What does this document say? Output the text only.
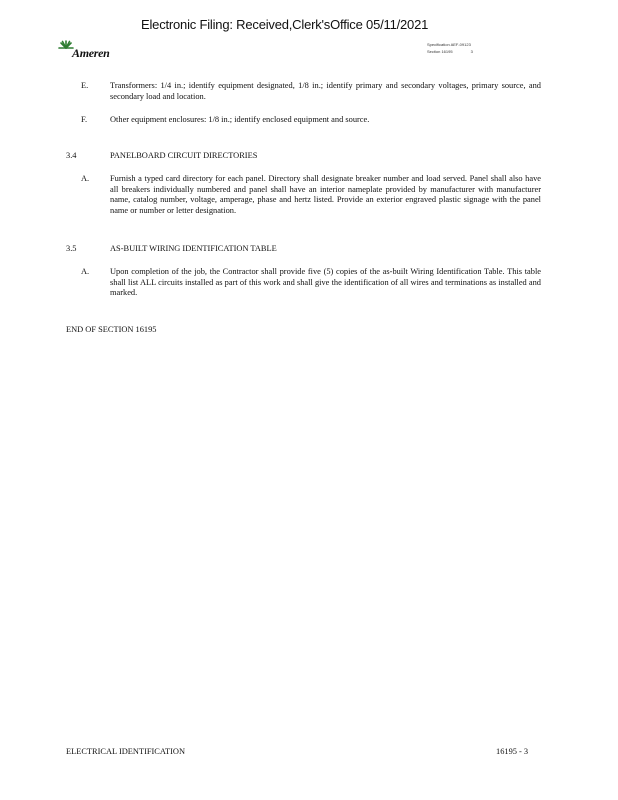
Electronic Filing: Received,Clerk'sOffice 05/11/2021
Ameren
Specification AEF-09123
Section 16195	3
E.	Transformers: 1/4 in.; identify equipment designated, 1/8 in.; identify primary and secondary voltages, primary source, and secondary load and location.
F.	Other equipment enclosures: 1/8 in.; identify enclosed equipment and source.
3.4	PANELBOARD CIRCUIT DIRECTORIES
A.	Furnish a typed card directory for each panel. Directory shall designate breaker number and load served. Panel shall also have all breakers individually numbered and panel shall have an interior nameplate provided by manufacturer with manufacturer name, catalog number, voltage, amperage, phase and hertz listed. Provide an exterior engraved plastic signage with the panel name or number or letter designation.
3.5	AS-BUILT WIRING IDENTIFICATION TABLE
A.	Upon completion of the job, the Contractor shall provide five (5) copies of the as-built Wiring Identification Table. This table shall list ALL circuits installed as part of this work and shall give the identification of all wires and terminations as installed and marked.
END OF SECTION 16195
ELECTRICAL IDENTIFICATION	16195 - 3
